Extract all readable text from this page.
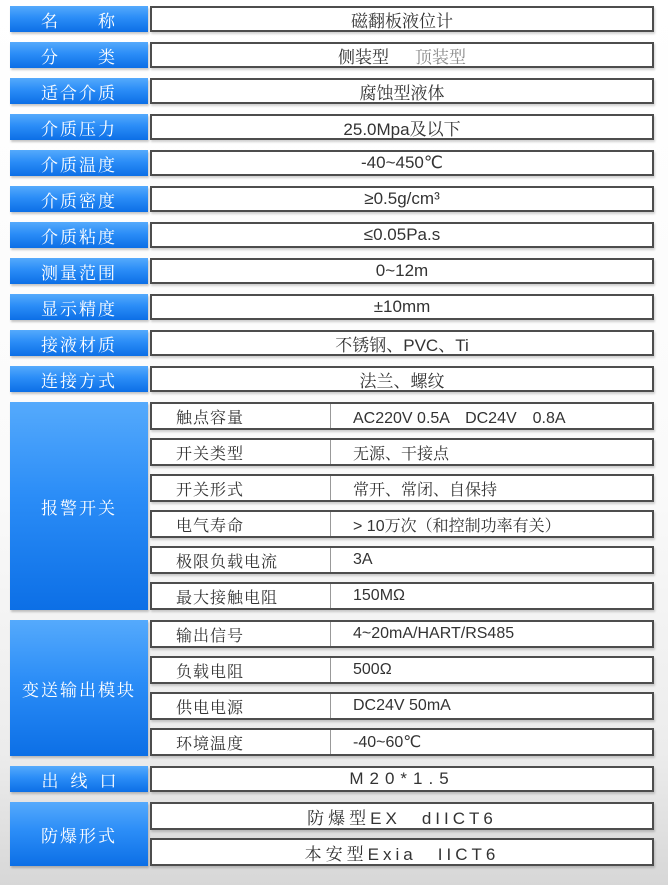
名　　称	磁翻板液位计
分　　类	侧装型 顶装型
适合介质	腐蚀型液体
介质压力	25.0Mpa及以下
介质温度	-40~450℃
介质密度	≥0.5g/cm³
介质粘度	≤0.05Pa.s
测量范围	0~12m
显示精度	±10mm
接液材质	不锈钢、PVC、Ti
连接方式	法兰、螺纹
报警开关
触点容量	AC220V 0.5A　DC24V　0.8A
开关类型	无源、干接点
开关形式	常开、常闭、自保持
电气寿命	> 10万次（和控制功率有关）
极限负载电流	3A
最大接触电阻	150MΩ
变送输出模块
输出信号	4~20mA/HART/RS485
负载电阻	500Ω
供电电源	DC24V 50mA
环境温度	-40~60℃
出线口	M20*1.5
防爆形式
防爆型EX　dIICT6
本安型Exia　IICT6
